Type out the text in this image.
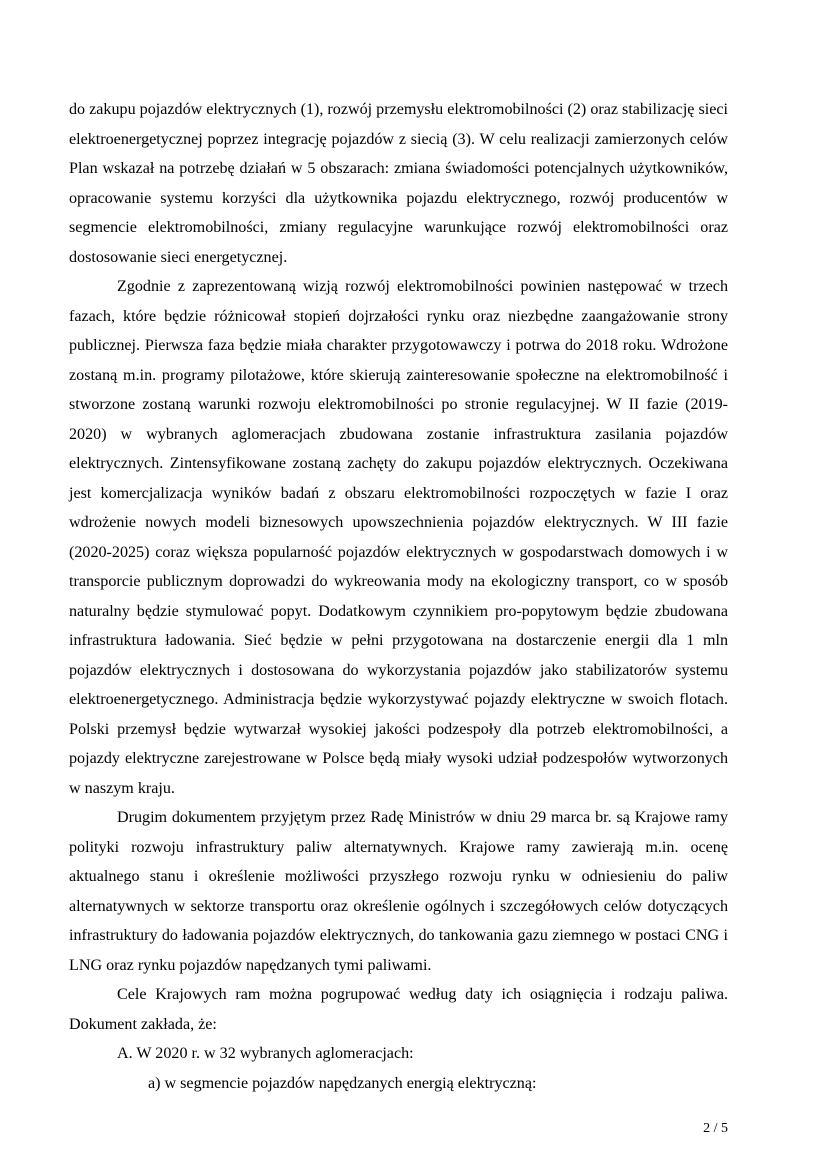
do zakupu pojazdów elektrycznych (1), rozwój przemysłu elektromobilności (2) oraz stabilizację sieci elektroenergetycznej poprzez integrację pojazdów z siecią (3). W celu realizacji zamierzonych celów Plan wskazał na potrzebę działań w 5 obszarach: zmiana świadomości potencjalnych użytkowników, opracowanie systemu korzyści dla użytkownika pojazdu elektrycznego, rozwój producentów w segmencie elektromobilności, zmiany regulacyjne warunkujące rozwój elektromobilności oraz dostosowanie sieci energetycznej.

Zgodnie z zaprezentowaną wizją rozwój elektromobilności powinien następować w trzech fazach, które będzie różnicował stopień dojrzałości rynku oraz niezbędne zaangażowanie strony publicznej. Pierwsza faza będzie miała charakter przygotowawczy i potrwa do 2018 roku. Wdrożone zostaną m.in. programy pilotażowe, które skierują zainteresowanie społeczne na elektromobilność i stworzone zostaną warunki rozwoju elektromobilności po stronie regulacyjnej. W II fazie (2019-2020) w wybranych aglomeracjach zbudowana zostanie infrastruktura zasilania pojazdów elektrycznych. Zintensyfikowane zostaną zachęty do zakupu pojazdów elektrycznych. Oczekiwana jest komercjalizacja wyników badań z obszaru elektromobilności rozpoczętych w fazie I oraz wdrożenie nowych modeli biznesowych upowszechnienia pojazdów elektrycznych. W III fazie (2020-2025) coraz większa popularność pojazdów elektrycznych w gospodarstwach domowych i w transporcie publicznym doprowadzi do wykreowania mody na ekologiczny transport, co w sposób naturalny będzie stymulować popyt. Dodatkowym czynnikiem pro-popytowym będzie zbudowana infrastruktura ładowania. Sieć będzie w pełni przygotowana na dostarczenie energii dla 1 mln pojazdów elektrycznych i dostosowana do wykorzystania pojazdów jako stabilizatorów systemu elektroenergetycznego. Administracja będzie wykorzystywać pojazdy elektryczne w swoich flotach. Polski przemysł będzie wytwarzał wysokiej jakości podzespoły dla potrzeb elektromobilności, a pojazdy elektryczne zarejestrowane w Polsce będą miały wysoki udział podzespołów wytworzonych w naszym kraju.

Drugim dokumentem przyjętym przez Radę Ministrów w dniu 29 marca br. są Krajowe ramy polityki rozwoju infrastruktury paliw alternatywnych. Krajowe ramy zawierają m.in. ocenę aktualnego stanu i określenie możliwości przyszłego rozwoju rynku w odniesieniu do paliw alternatywnych w sektorze transportu oraz określenie ogólnych i szczegółowych celów dotyczących infrastruktury do ładowania pojazdów elektrycznych, do tankowania gazu ziemnego w postaci CNG i LNG oraz rynku pojazdów napędzanych tymi paliwami.

Cele Krajowych ram można pogrupować według daty ich osiągnięcia i rodzaju paliwa. Dokument zakłada, że:

A. W 2020 r. w 32 wybranych aglomeracjach:

a) w segmencie pojazdów napędzanych energią elektryczną:

2 / 5
